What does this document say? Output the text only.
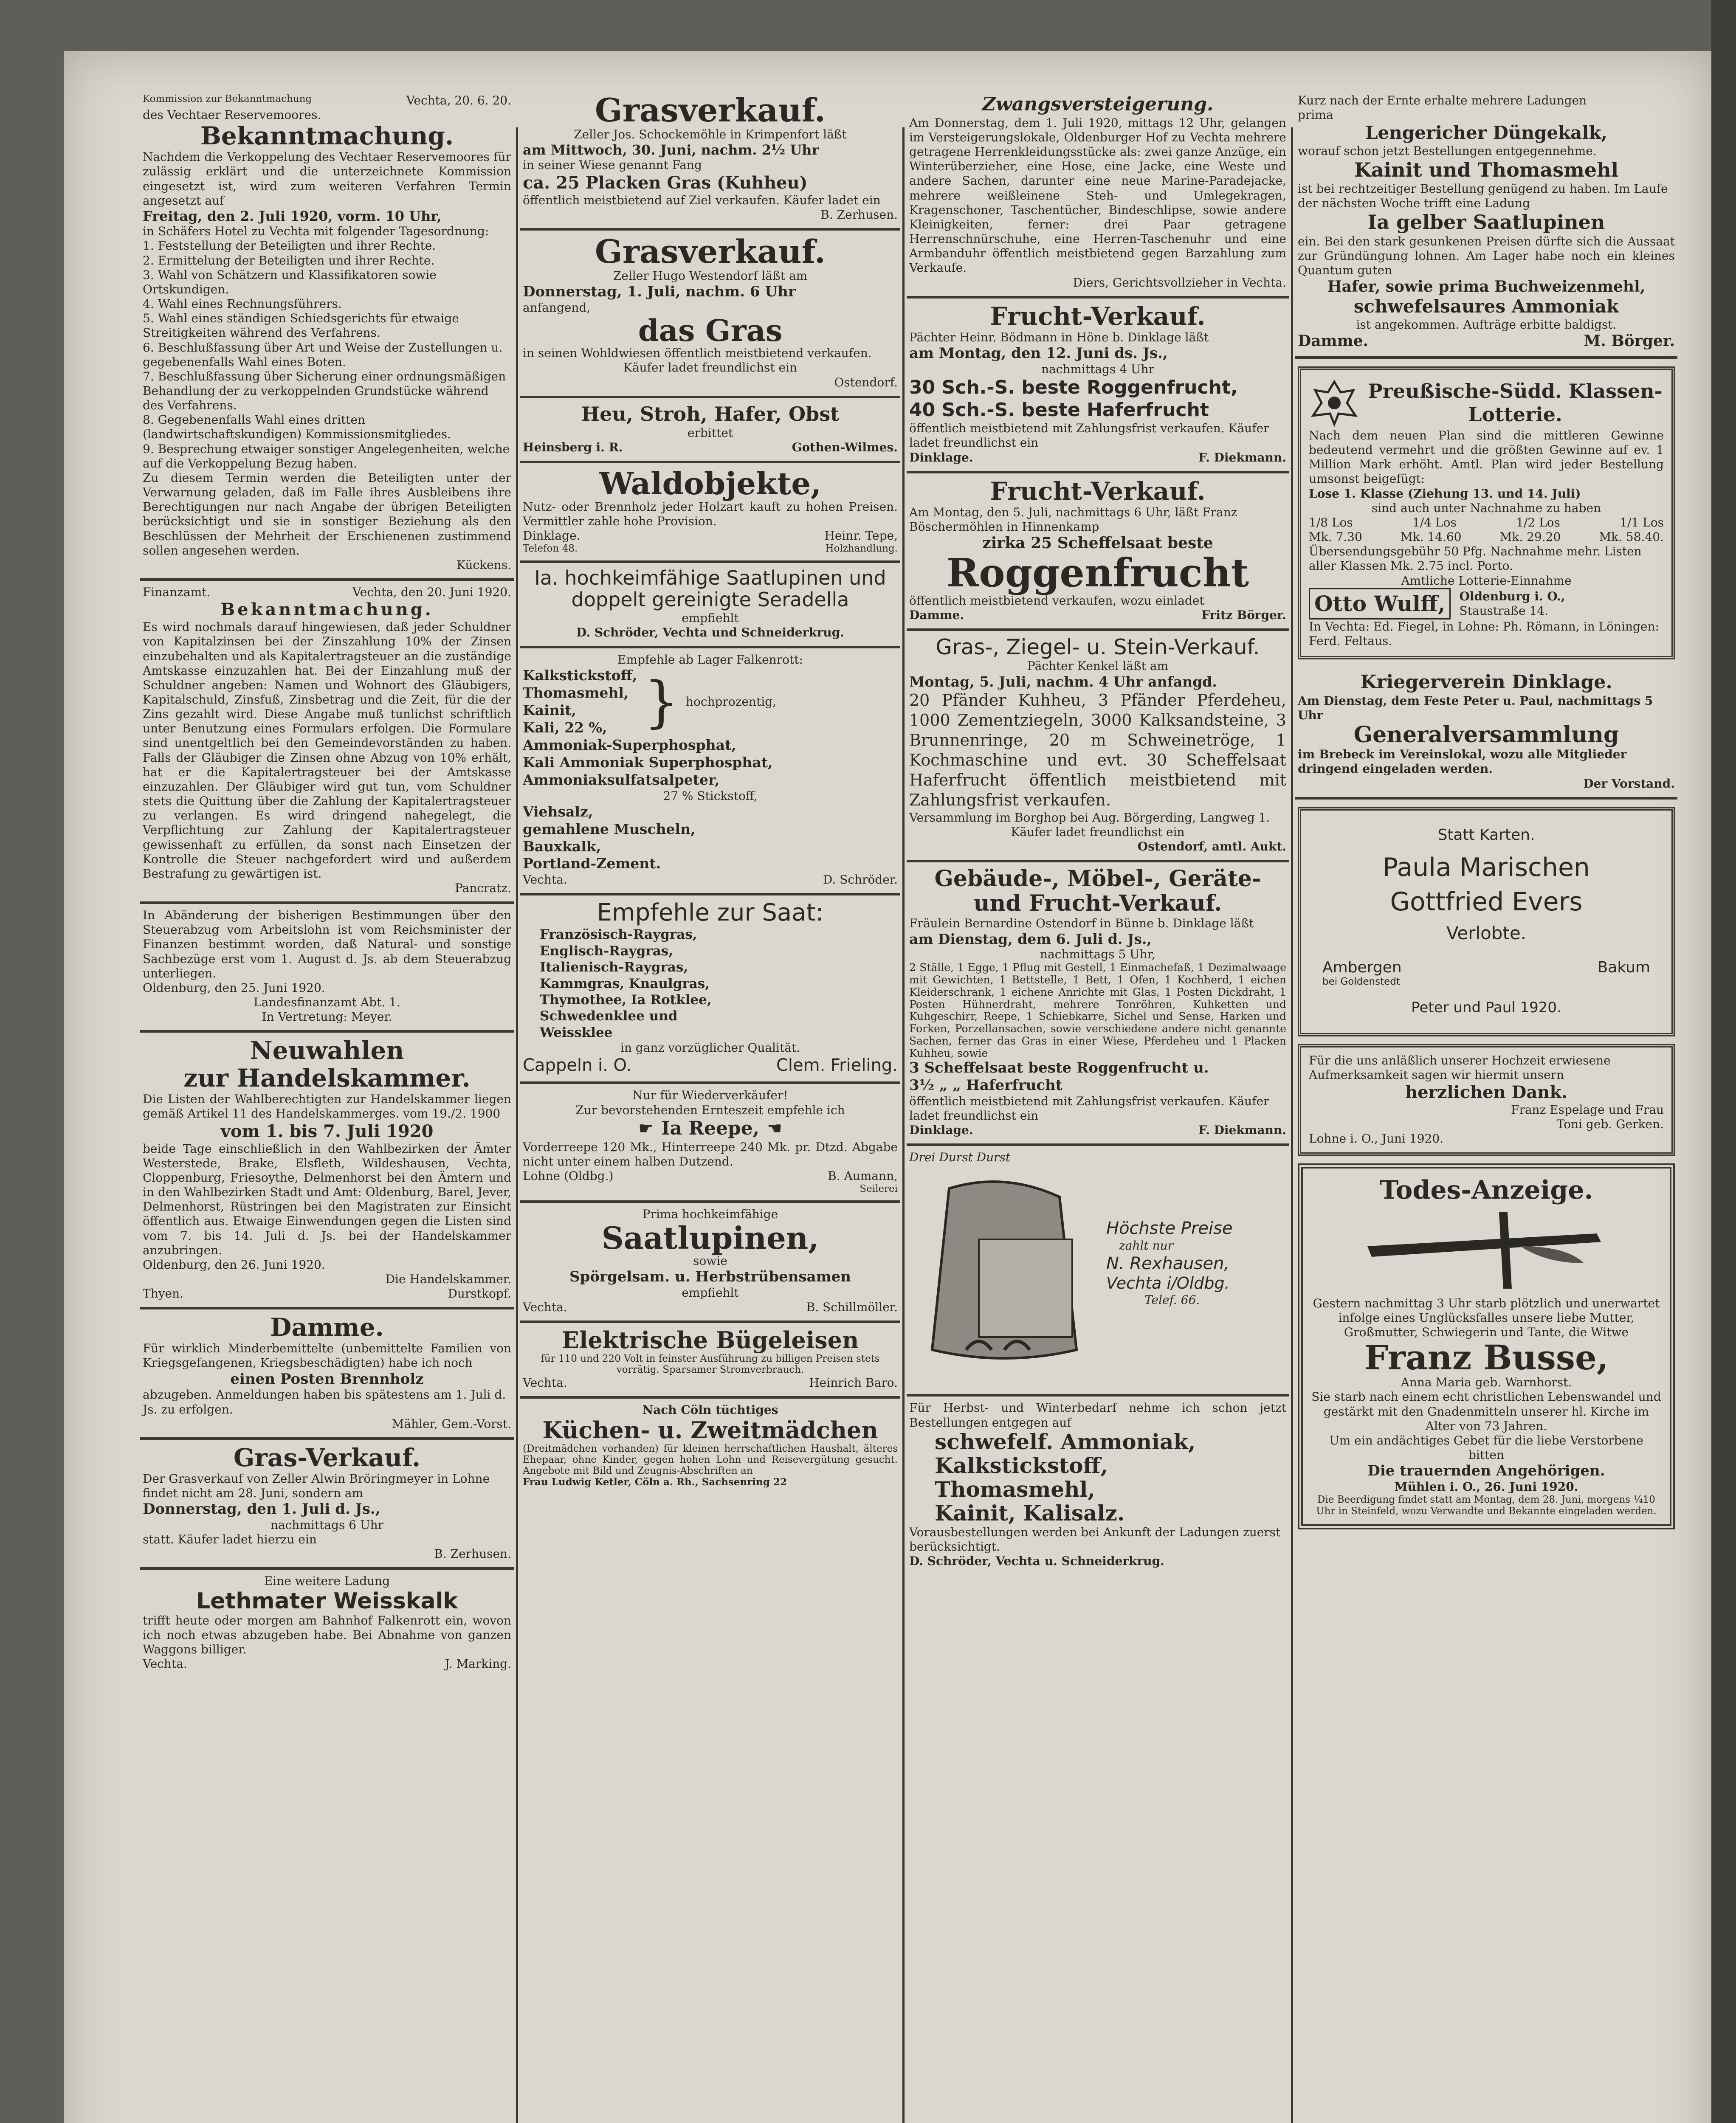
Kommission zur Bekanntmachung	Vechta, 20. 6. 20.
des Vechtaer Reservemoores.
Bekanntmachung.
Nachdem die Verkoppelung des Vechtaer Reservemoores für zulässig erklärt und die unterzeichnete Kommission eingesetzt ist, wird zum weiteren Verfahren Termin angesetzt auf
Freitag, den 2. Juli 1920, vorm. 10 Uhr,
in Schäfers Hotel zu Vechta mit folgender Tagesordnung:
1. Feststellung der Beteiligten und ihrer Rechte.
2. Ermittelung der Beteiligten und ihrer Rechte.
3. Wahl von Schätzern und Klassifikatoren sowie Ortskundigen.
4. Wahl eines Rechnungsführers.
5. Wahl eines ständigen Schiedsgerichts für etwaige Streitigkeiten während des Verfahrens.
6. Beschlußfassung über Art und Weise der Zustellungen u. gegebenenfalls Wahl eines Boten.
7. Beschlußfassung über Sicherung einer ordnungsmäßigen Behandlung der zu verkoppelnden Grundstücke während des Verfahrens.
8. Gegebenenfalls Wahl eines dritten (landwirtschaftskundigen) Kommissionsmitgliedes.
9. Besprechung etwaiger sonstiger Angelegenheiten, welche auf die Verkoppelung Bezug haben.
Zu diesem Termin werden die Beteiligten unter der Verwarnung geladen, daß im Falle ihres Ausbleibens ihre Berechtigungen nur nach Angabe der übrigen Beteiligten berücksichtigt und sie in sonstiger Beziehung als den Beschlüssen der Mehrheit der Erschienenen zustimmend sollen angesehen werden.
Kückens.
Finanzamt.	Vechta, den 20. Juni 1920.
Bekanntmachung.
Es wird nochmals darauf hingewiesen, daß jeder Schuldner von Kapitalzinsen bei der Zinszahlung 10% der Zinsen einzubehalten und als Kapitalertragsteuer an die zuständige Amtskasse einzuzahlen hat. Bei der Einzahlung muß der Schuldner angeben: Namen und Wohnort des Gläubigers, Kapitalschuld, Zinsfuß, Zinsbetrag und die Zeit, für die der Zins gezahlt wird. Diese Angabe muß tunlichst schriftlich unter Benutzung eines Formulars erfolgen. Die Formulare sind unentgeltlich bei den Gemeindevorständen zu haben. Falls der Gläubiger die Zinsen ohne Abzug von 10% erhält, hat er die Kapitalertragsteuer bei der Amtskasse einzuzahlen. Der Gläubiger wird gut tun, vom Schuldner stets die Quittung über die Zahlung der Kapitalertragsteuer zu verlangen. Es wird dringend nahegelegt, die Verpflichtung zur Zahlung der Kapitalertragsteuer gewissenhaft zu erfüllen, da sonst nach Einsetzen der Kontrolle die Steuer nachgefordert wird und außerdem Bestrafung zu gewärtigen ist.
Pancratz.
In Abänderung der bisherigen Bestimmungen über den Steuerabzug vom Arbeitslohn ist vom Reichsminister der Finanzen bestimmt worden, daß Natural- und sonstige Sachbezüge erst vom 1. August d. Js. ab dem Steuerabzug unterliegen.
Oldenburg, den 25. Juni 1920.
Landesfinanzamt Abt. 1.
In Vertretung: Meyer.
Neuwahlen
zur Handelskammer.
Die Listen der Wahlberechtigten zur Handelskammer liegen gemäß Artikel 11 des Handelskammerges. vom 19./2. 1900
vom 1. bis 7. Juli 1920
beide Tage einschließlich in den Wahlbezirken der Ämter Westerstede, Brake, Elsfleth, Wildeshausen, Vechta, Cloppenburg, Friesoythe, Delmenhorst bei den Ämtern und in den Wahlbezirken Stadt und Amt: Oldenburg, Barel, Jever, Delmenhorst, Rüstringen bei den Magistraten zur Einsicht öffentlich aus. Etwaige Einwendungen gegen die Listen sind vom 7. bis 14. Juli d. Js. bei der Handelskammer anzubringen.
Oldenburg, den 26. Juni 1920.
Die Handelskammer.
Thyen.	Durstkopf.
Damme.
Für wirklich Minderbemittelte (unbemittelte Familien von Kriegsgefangenen, Kriegsbeschädigten) habe ich noch
einen Posten Brennholz
abzugeben. Anmeldungen haben bis spätestens am 1. Juli d. Js. zu erfolgen.
Mähler, Gem.-Vorst.
Gras-Verkauf.
Der Grasverkauf von Zeller Alwin Bröringmeyer in Lohne findet nicht am 28. Juni, sondern am
Donnerstag, den 1. Juli d. Js.,
nachmittags 6 Uhr
statt. Käufer ladet hierzu ein
B. Zerhusen.
Eine weitere Ladung
Lethmater Weisskalk
trifft heute oder morgen am Bahnhof Falkenrott ein, wovon ich noch etwas abzugeben habe. Bei Abnahme von ganzen Waggons billiger.
Vechta.	J. Marking.
Grasverkauf.
Zeller Jos. Schockemöhle in Krimpenfort läßt
am Mittwoch, 30. Juni, nachm. 2½ Uhr
in seiner Wiese genannt Fang
ca. 25 Placken Gras (Kuhheu)
öffentlich meistbietend auf Ziel verkaufen. Käufer ladet ein
B. Zerhusen.
Grasverkauf.
Zeller Hugo Westendorf läßt am
Donnerstag, 1. Juli, nachm. 6 Uhr
anfangend,
das Gras
in seinen Wohldwiesen öffentlich meistbietend verkaufen.
Käufer ladet freundlichst ein
Ostendorf.
Heu, Stroh, Hafer, Obst
erbittet
Heinsberg i. R.	Gothen-Wilmes.
Waldobjekte,
Nutz- oder Brennholz jeder Holzart kauft zu hohen Preisen. Vermittler zahle hohe Provision.
Dinklage.	Heinr. Tepe,
Telefon 48.	Holzhandlung.
Ia. hochkeimfähige Saatlupinen und doppelt gereinigte Seradella
empfiehlt
D. Schröder, Vechta und Schneiderkrug.
Empfehle ab Lager Falkenrott:
Kalkstickstoff,
Thomasmehl,
Kainit,
Kali, 22 %, } hochprozentig,
Ammoniak-Superphosphat,
Kali Ammoniak Superphosphat,
Ammoniaksulfatsalpeter,
27 % Stickstoff,
Viehsalz,
gemahlene Muscheln,
Bauxkalk,
Portland-Zement.
Vechta.	D. Schröder.
Empfehle zur Saat:
Französisch-Raygras,
Englisch-Raygras,
Italienisch-Raygras,
Kammgras, Knaulgras,
Thymothee, Ia Rotklee,
Schwedenklee und
Weissklee
in ganz vorzüglicher Qualität.
Cappeln i. O.	Clem. Frieling.
Nur für Wiederverkäufer!
Zur bevorstehenden Ernteszeit empfehle ich
☛ Ia Reepe, ☚
Vorderreepe 120 Mk., Hinterreepe 240 Mk. pr. Dtzd. Abgabe nicht unter einem halben Dutzend.
Lohne (Oldbg.)	B. Aumann,
Seilerei
Prima hochkeimfähige
Saatlupinen,
sowie
Spörgelsam. u. Herbstrübensamen
empfiehlt
Vechta.	B. Schillmöller.
Elektrische Bügeleisen
für 110 und 220 Volt in feinster Ausführung zu billigen Preisen stets vorrätig. Sparsamer Stromverbrauch.
Vechta.	Heinrich Baro.
Nach Cöln tüchtiges
Küchen- u. Zweitmädchen
(Dreitmädchen vorhanden) für kleinen herrschaftlichen Haushalt, älteres Ehepaar, ohne Kinder, gegen hohen Lohn und Reisevergütung gesucht. Angebote mit Bild und Zeugnis-Abschriften an
Frau Ludwig Ketler, Cöln a. Rh., Sachsenring 22
Zwangsversteigerung.
Am Donnerstag, dem 1. Juli 1920, mittags 12 Uhr, gelangen im Versteigerungslokale, Oldenburger Hof zu Vechta mehrere getragene Herrenkleidungsstücke als: zwei ganze Anzüge, ein Winterüberzieher, eine Hose, eine Jacke, eine Weste und andere Sachen, darunter eine neue Marine-Paradejacke, mehrere weißleinene Steh- und Umlegekragen, Kragenschoner, Taschentücher, Bindeschlipse, sowie andere Kleinigkeiten, ferner: drei Paar getragene Herrenschnürschuhe, eine Herren-Taschenuhr und eine Armbanduhr öffentlich meistbietend gegen Barzahlung zum Verkaufe.
Diers, Gerichtsvollzieher in Vechta.
Frucht-Verkauf.
Pächter Heinr. Bödmann in Höne b. Dinklage läßt
am Montag, den 12. Juni ds. Js.,
nachmittags 4 Uhr
30 Sch.-S. beste Roggenfrucht,
40 Sch.-S. beste Haferfrucht
öffentlich meistbietend mit Zahlungsfrist verkaufen. Käufer ladet freundlichst ein
Dinklage.	F. Diekmann.
Frucht-Verkauf.
Am Montag, den 5. Juli, nachmittags 6 Uhr, läßt Franz Böschermöhlen in Hinnenkamp
zirka 25 Scheffelsaat beste
Roggenfrucht
öffentlich meistbietend verkaufen, wozu einladet
Damme.	Fritz Börger.
Gras-, Ziegel- u. Stein-Verkauf.
Pächter Kenkel läßt am
Montag, 5. Juli, nachm. 4 Uhr anfangd.
20 Pfänder Kuhheu, 3 Pfänder Pferdeheu, 1000 Zementziegeln, 3000 Kalksandsteine, 3 Brunnenringe, 20 m Schweinetröge, 1 Kochmaschine und evt. 30 Scheffelsaat Haferfrucht öffentlich meistbietend mit Zahlungsfrist verkaufen.
Versammlung im Borghop bei Aug. Börgerding, Langweg 1.
Käufer ladet freundlichst ein
Ostendorf, amtl. Aukt.
Gebäude-, Möbel-, Geräte- und Frucht-Verkauf.
Fräulein Bernardine Ostendorf in Bünne b. Dinklage läßt
am Dienstag, dem 6. Juli d. Js.,
nachmittags 5 Uhr,
2 Ställe, 1 Egge, 1 Pflug mit Gestell, 1 Einmachefaß, 1 Dezimalwaage mit Gewichten, 1 Bettstelle, 1 Bett, 1 Ofen, 1 Kochherd, 1 eichen Kleiderschrank, 1 eichene Anrichte mit Glas, 1 Posten Dickdraht, 1 Posten Hühnerdraht, mehrere Tonröhren, Kuhketten und Kuhgeschirr, Reepe, 1 Schiebkarre, Sichel und Sense, Harken und Forken, Porzellansachen, sowie verschiedene andere nicht genannte Sachen, ferner das Gras in einer Wiese, Pferdeheu und 1 Placken Kuhheu, sowie
3 Scheffelsaat beste Roggenfrucht u.
3½ „ „ Haferfrucht
öffentlich meistbietend mit Zahlungsfrist verkaufen. Käufer ladet freundlichst ein
Dinklage.	F. Diekmann.
Drei Durst Durst
Höchste Preise
zahlt nur
N. Rexhausen,
Vechta i/Oldbg.
Telef. 66.
Für Herbst- und Winterbedarf nehme ich schon jetzt Bestellungen entgegen auf
schwefelf. Ammoniak,
Kalkstickstoff,
Thomasmehl,
Kainit, Kalisalz.
Vorausbestellungen werden bei Ankunft der Ladungen zuerst berücksichtigt.
D. Schröder, Vechta u. Schneiderkrug.
Kurz nach der Ernte erhalte mehrere Ladungen
prima
Lengericher Düngekalk,
worauf schon jetzt Bestellungen entgegennehme.
Kainit und Thomasmehl
ist bei rechtzeitiger Bestellung genügend zu haben. Im Laufe der nächsten Woche trifft eine Ladung
Ia gelber Saatlupinen
ein. Bei den stark gesunkenen Preisen dürfte sich die Aussaat zur Gründüngung lohnen. Am Lager habe noch ein kleines Quantum guten
Hafer, sowie prima Buchweizenmehl,
schwefelsaures Ammoniak
ist angekommen. Aufträge erbitte baldigst.
Damme.	M. Börger.
Preußische-Südd. Klassen-Lotterie.
Nach dem neuen Plan sind die mittleren Gewinne bedeutend vermehrt und die größten Gewinne auf ev. 1 Million Mark erhöht. Amtl. Plan wird jeder Bestellung umsonst beigefügt:
Lose 1. Klasse (Ziehung 13. und 14. Juli)
sind auch unter Nachnahme zu haben
1/8 Los	1/4 Los	1/2 Los	1/1 Los
Mk. 7.30	Mk. 14.60	Mk. 29.20	Mk. 58.40.
Übersendungsgebühr 50 Pfg. Nachnahme mehr. Listen aller Klassen Mk. 2.75 incl. Porto.
Amtliche Lotterie-Einnahme
Otto Wulff,	Oldenburg i. O.,
Staustraße 14.
In Vechta: Ed. Fiegel, in Lohne: Ph. Römann, in Löningen: Ferd. Feltaus.
Kriegerverein Dinklage.
Am Dienstag, dem Feste Peter u. Paul, nachmittags 5 Uhr
Generalversammlung
im Brebeck im Vereinslokal, wozu alle Mitglieder dringend eingeladen werden.
Der Vorstand.
Statt Karten.
Paula Marischen
Gottfried Evers
Verlobte.
Ambergen	Bakum
bei Goldenstedt
Peter und Paul 1920.
Für die uns anläßlich unserer Hochzeit erwiesene Aufmerksamkeit sagen wir hiermit unsern
herzlichen Dank.
Franz Espelage und Frau
Toni geb. Gerken.
Lohne i. O., Juni 1920.
Todes-Anzeige.
Gestern nachmittag 3 Uhr starb plötzlich und unerwartet infolge eines Unglücksfalles unsere liebe Mutter, Großmutter, Schwiegerin und Tante, die Witwe
Franz Busse,
Anna Maria geb. Warnhorst.
Sie starb nach einem echt christlichen Lebenswandel und gestärkt mit den Gnadenmitteln unserer hl. Kirche im Alter von 73 Jahren.
Um ein andächtiges Gebet für die liebe Verstorbene bitten
Die trauernden Angehörigen.
Mühlen i. O., 26. Juni 1920.
Die Beerdigung findet statt am Montag, dem 28. Juni, morgens ¼10 Uhr in Steinfeld, wozu Verwandte und Bekannte eingeladen werden.
